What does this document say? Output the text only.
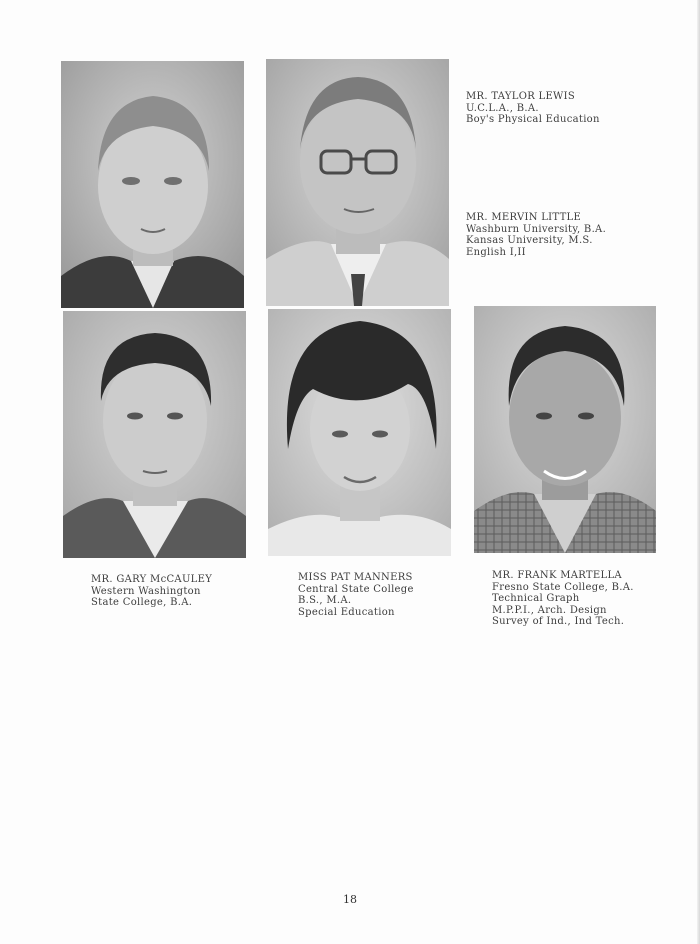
MR. TAYLOR LEWIS
U.C.L.A., B.A.
Boy's Physical Education
MR. MERVIN LITTLE
Washburn University, B.A.
Kansas University, M.S.
English I,II
MR. GARY McCAULEY
Western Washington
State College, B.A.
MISS PAT MANNERS
Central State College
B.S., M.A.
Special Education
MR. FRANK MARTELLA
Fresno State College, B.A.
Technical Graph
M.P.P.I., Arch. Design
Survey of Ind., Ind Tech.
18
